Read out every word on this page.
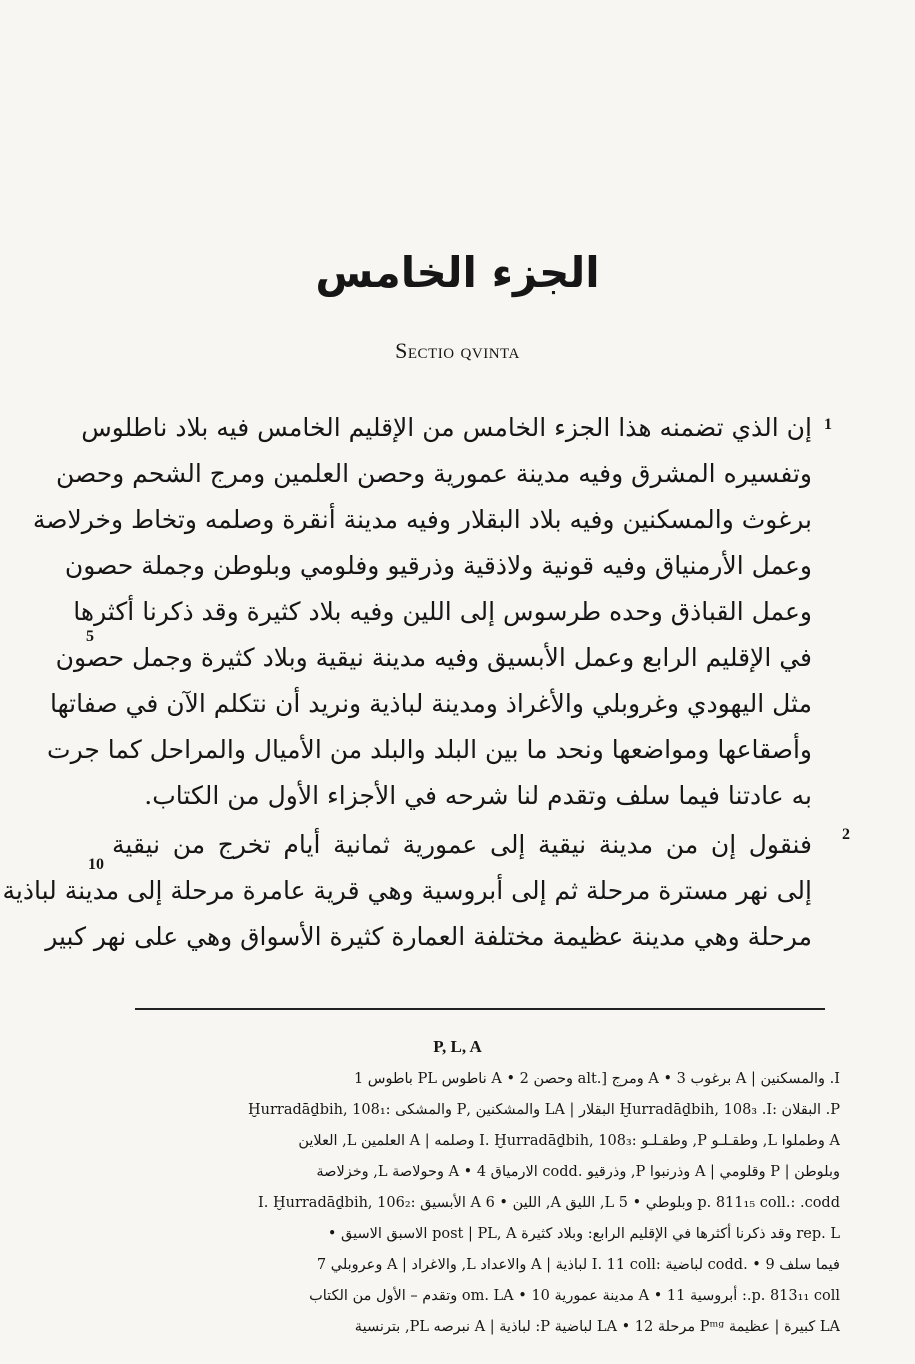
الجزء الخامس
Sectio qvinta
1
5
إن الذي تضمنه هذا الجزء الخامس من الإقليم الخامس فيه بلاد ناطلوس
وتفسيره المشرق وفيه مدينة عمورية وحصن العلمين ومرج الشحم وحصن
برغوث والمسكنين وفيه بلاد البقلار وفيه مدينة أنقرة وصلمه وتخاط وخرلاصة
وعمل الأرمنياق وفيه قونية ولاذقية وذرقيو وفلومي وبلوطن وجملة حصون
وعمل القباذق وحده طرسوس إلى اللين وفيه بلاد كثيرة وقد ذكرنا أكثرها
في الإقليم الرابع وعمل الأبسيق وفيه مدينة نيقية وبلاد كثيرة وجمل حصون
مثل اليهودي وغروبلي والأغراذ ومدينة لباذية ونريد أن نتكلم الآن في صفاتها
وأصقاعها ومواضعها ونحد ما بين البلد والبلد من الأميال والمراحل كما جرت
به عادتنا فيما سلف وتقدم لنا شرحه في الأجزاء الأول من الكتاب.
2
10
فنقول إن من مدينة نيقية إلى عمورية ثمانية أيام تخرج من نيقية
إلى نهر مسترة مرحلة ثم إلى أبروسية وهي قرية عامرة مرحلة إلى مدينة لباذية
مرحلة وهي مدينة عظيمة مختلفة العمارة كثيرة الأسواق وهي على نهر كبير
P, L, A
I. والمسكنين | A برغوب 3 • A ومرج [.alt وحصن 2 • A ناطوس PL باطوس 1
P. البقلان :Ḫurradāḏbih, 108₃ .I البقلار | LA والمشكنين ,P والمشكى :Ḫurradāḏbih, 108₁
A وطملوا L, وطقـلـو P, وطقـلـو :I. Ḫurradāḏbih, 108₃ وصلمه | A العلمين L, العلاين
وبلوطن | P وقلومي | A وذرنبوا P, وذرقيو .codd الارمياق 4 • A وحولاصة L, وخزلاصة
p. 811₁₅ coll.: .codd وبلوطي • 5 L, الليق A, اللين • 6 A الأبسيق :I. Ḫurradāḏbih, 106₂
rep. L وقد ذكرنا أكثرها في الإقليم الرابع: وبلاد كثيرة post | PL, A الاسبق الاسيق •
فيما سلف 9 • .codd لباضية :I. 11 coll لباذية | A والاعداد L, والاغراد | A وعروبلي 7
p. 813₁₁ coll.: أبروسية 11 • A مدينة عمورية 10 • om. LA وتقدم – الأول من الكتاب
LA كبيرة | عظيمة Pᵐᵍ مرحلة 12 • LA لباضية P: لباذية | A نبرصه PL, بترنسية
